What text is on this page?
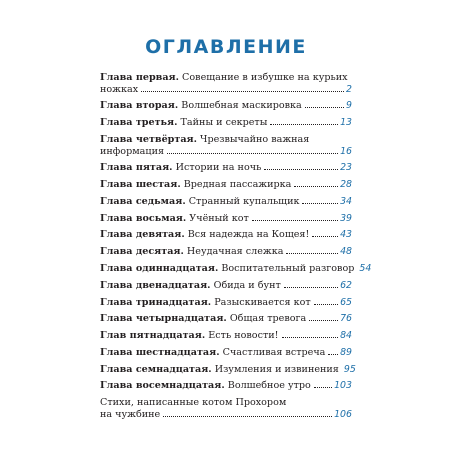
ОГЛАВЛЕНИЕ
Глава первая. Совещание в избушке на курьих
ножках	2
Глава вторая. Волшебная маскировка	9
Глава третья. Тайны и секреты	13
Глава четвёртая. Чрезвычайно важная
информация	16
Глава пятая. Истории на ночь	23
Глава шестая. Вредная пассажирка	28
Глава седьмая. Странный купальщик	34
Глава восьмая. Учёный кот	39
Глава девятая. Вся надежда на Кощея!	43
Глава десятая. Неудачная слежка	48
Глава одиннадцатая. Воспитательный разговор 54
Глава двенадцатая. Обида и бунт	62
Глава тринадцатая. Разыскивается кот	65
Глава четырнадцатая. Общая тревога	76
Глав пятнадцатая. Есть новости!	84
Глава шестнадцатая. Счастливая встреча 89
Глава семнадцатая. Изумления и извинения 95
Глава восемнадцатая. Волшебное утро 103
Стихи, написанные котом Прохором
на чужбине	106
